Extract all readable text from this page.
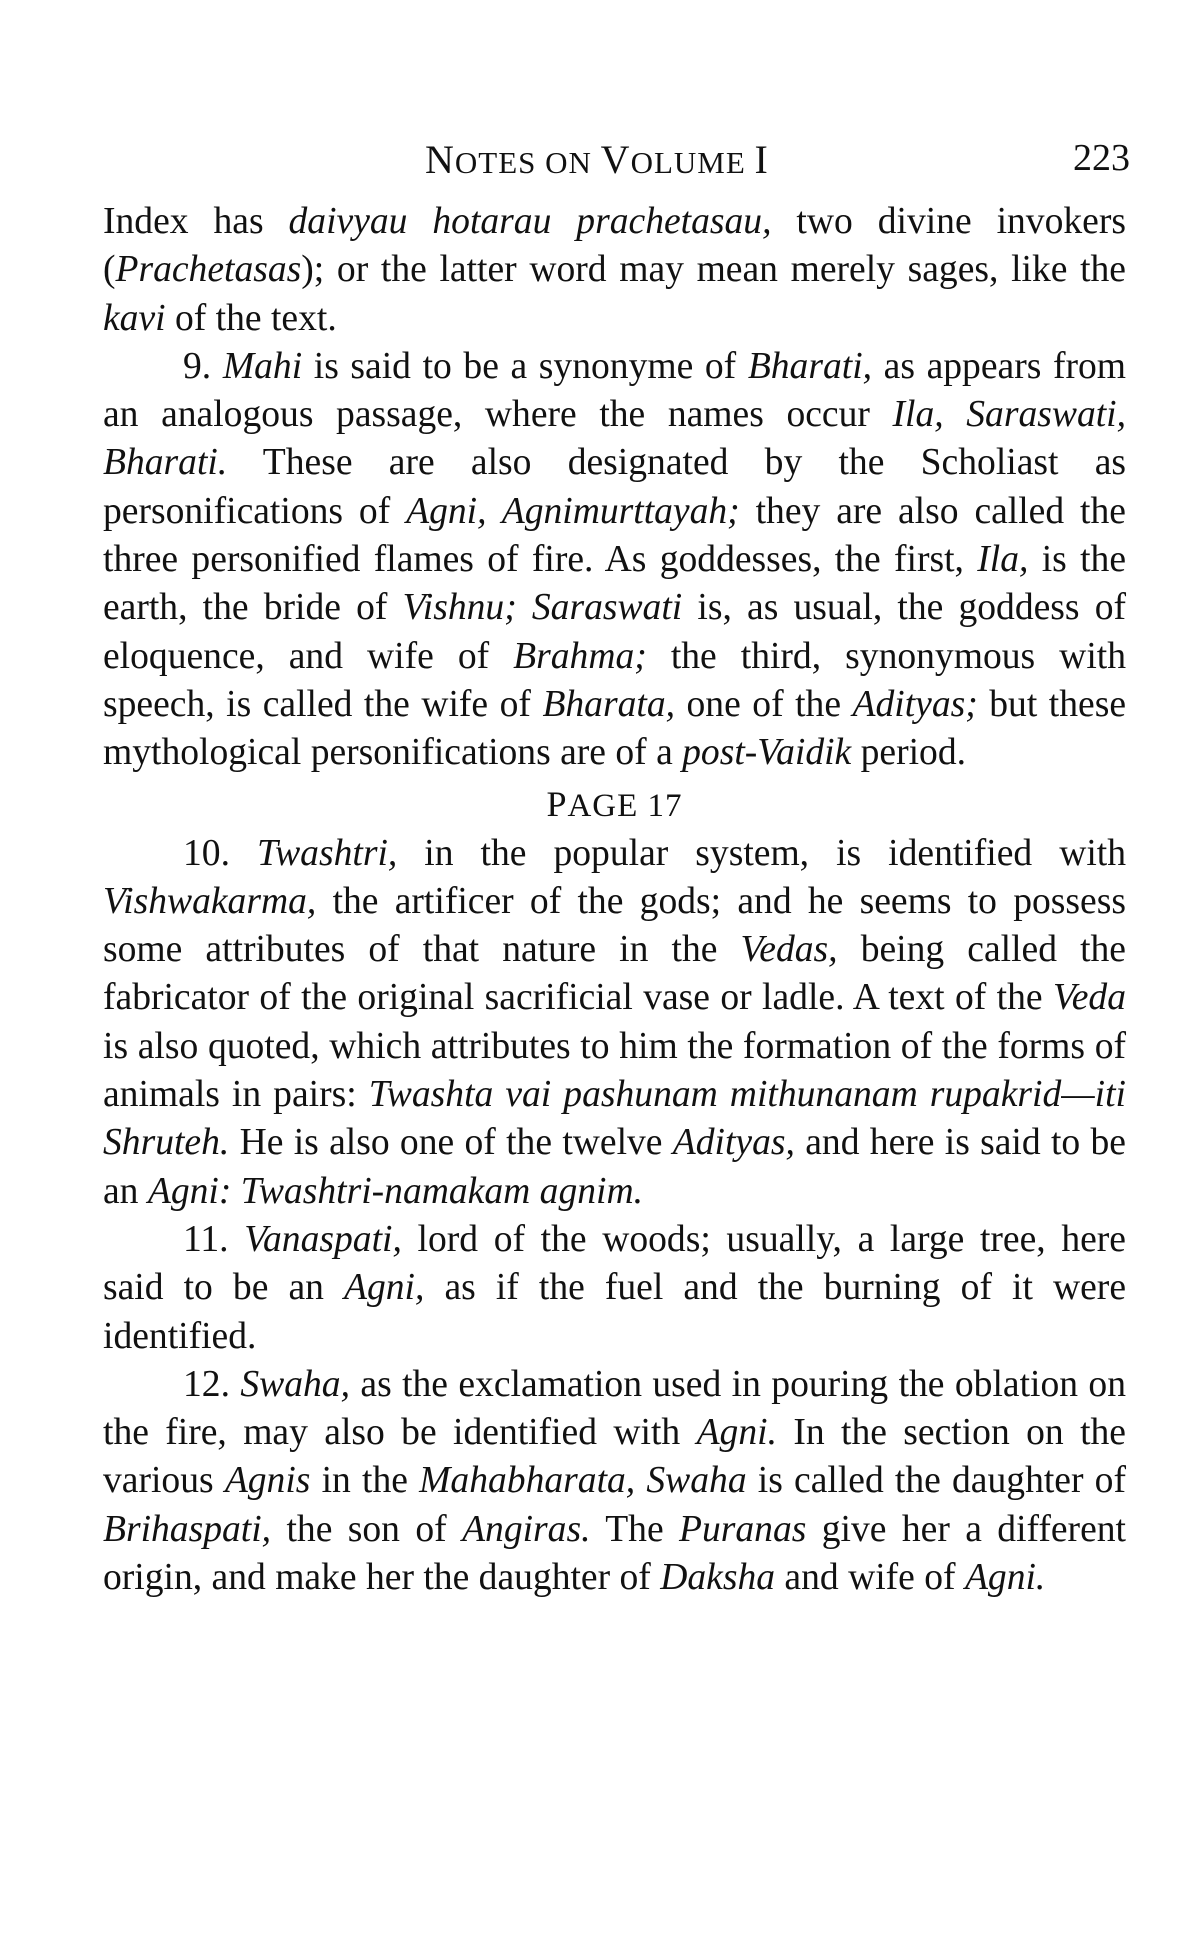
NOTES ON VOLUME I	223

Index has daivyau hotarau prachetasau, two divine invokers (Prachetasas); or the latter word may mean merely sages, like the kavi of the text.

9. Mahi is said to be a synonyme of Bharati, as appears from an analogous passage, where the names occur Ila, Saraswati, Bharati. These are also designated by the Scholiast as personifications of Agni, Agnimurttayah; they are also called the three personified flames of fire. As goddesses, the first, Ila, is the earth, the bride of Vishnu; Saraswati is, as usual, the goddess of eloquence, and wife of Brahma; the third, synonymous with speech, is called the wife of Bharata, one of the Adityas; but these mythological personifications are of a post-Vaidik period.

PAGE 17

10. Twashtri, in the popular system, is identified with Vishwakarma, the artificer of the gods; and he seems to possess some attributes of that nature in the Vedas, being called the fabricator of the original sacrificial vase or ladle. A text of the Veda is also quoted, which attributes to him the formation of the forms of animals in pairs: Twashta vai pashunam mithunanam rupakrid—iti Shruteh. He is also one of the twelve Adityas, and here is said to be an Agni: Twashtri-namakam agnim.

11. Vanaspati, lord of the woods; usually, a large tree, here said to be an Agni, as if the fuel and the burning of it were identified.

12. Swaha, as the exclamation used in pouring the oblation on the fire, may also be identified with Agni. In the section on the various Agnis in the Mahabharata, Swaha is called the daughter of Brihaspati, the son of Angiras. The Puranas give her a different origin, and make her the daughter of Daksha and wife of Agni.
